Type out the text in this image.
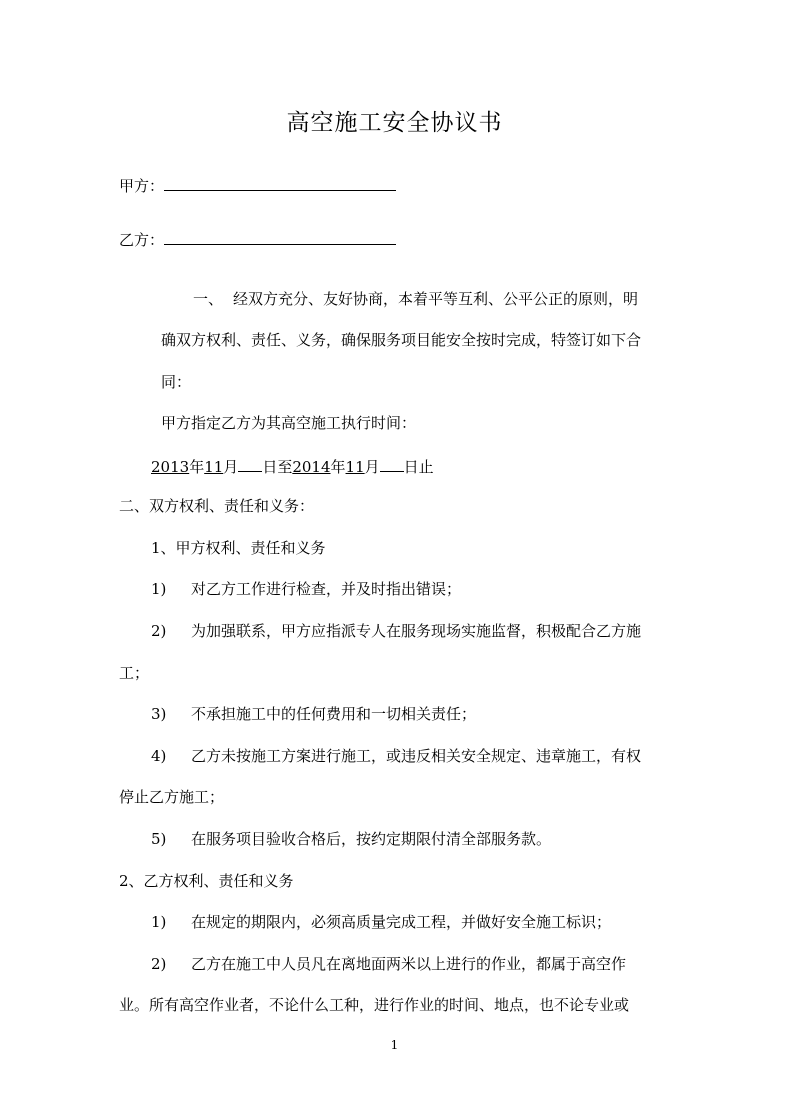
高空施工安全协议书
甲方：
乙方：
一、 经双方充分、友好协商，本着平等互利、公平公正的原则，明
确双方权利、责任、义务，确保服务项目能安全按时完成，特签订如下合
同：
甲方指定乙方为其高空施工执行时间：
2013年11月 日至2014年11月 日止
二、双方权利、责任和义务：
1、甲方权利、责任和义务
1) 对乙方工作进行检查，并及时指出错误；
2) 为加强联系，甲方应指派专人在服务现场实施监督，积极配合乙方施
工；
3) 不承担施工中的任何费用和一切相关责任；
4) 乙方未按施工方案进行施工，或违反相关安全规定、违章施工，有权
停止乙方施工；
5) 在服务项目验收合格后，按约定期限付清全部服务款。
2、乙方权利、责任和义务
1) 在规定的期限内，必须高质量完成工程，并做好安全施工标识；
2) 乙方在施工中人员凡在离地面两米以上进行的作业，都属于高空作
业。所有高空作业者，不论什么工种，进行作业的时间、地点，也不论专业或
1
